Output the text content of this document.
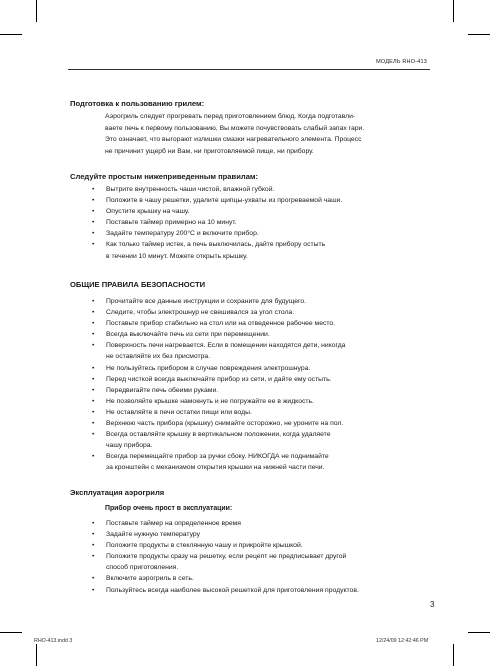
МОДЕЛЬ RHO-413
Подготовка к пользованию грилем:
Аэрогриль следует прогревать перед приготовлением блюд. Когда подготавли-
ваете печь к первому пользованию, Вы можете почувствовать слабый запах гари.
Это означает, что выгорают излишки смазки нагревательного элемента. Процесс
не причинит ущерб ни Вам, ни приготовляемой пище, ни прибору.
Следуйте простым нижеприведенным правилам:
• Вытрите внутренность чаши чистой, влажной губкой.
• Положите в чашу решетки, удалите щипцы-ухваты из прогреваемой чаши.
• Опустите крышку на чашу.
• Поставьте таймер примерно на 10 минут.
• Задайте температуру 200°С и включите прибор.
• Как только таймер истек, а печь выключилась, дайте прибору остыть
в течении 10 минут. Можете открыть крышку.
ОБЩИЕ ПРАВИЛА БЕЗОПАСНОСТИ
• Прочитайте все данные инструкции и сохраните для будущего.
• Следите, чтобы электрошнур не свешивался за угол стола.
• Поставьте прибор стабильно на стол или на отведенное рабочее место.
• Всегда выключайте печь из сети при перемещении.
• Поверхность печи нагревается. Если в помещении находятся дети, никогда
не оставляйте их без присмотра.
• Не пользуйтесь прибором в случае повреждения электрошнура.
• Перед чисткой всегда выключайте прибор из сети, и дайте ему остыть.
• Передвигайте печь обеими руками.
• Не позволяйте крышке намокнуть и не погружайте ее в жидкость.
• Не оставляйте в печи остатки пищи или воды.
• Верхнюю часть прибора (крышку) снимайте осторожно, не уроните на пол.
• Всегда оставляйте крышку в вертикальном положении, когда удаляете
чашу прибора.
• Всегда перемещайте прибор за ручки сбоку. НИКОГДА не поднимайте
за кронштейн с механизмом открытия крышки на нижней части печи.
Эксплуатация аэрогриля
Прибор очень прост в эксплуатации:
• Поставьте таймер на определенное время
• Задайте нужную температуру
• Положите продукты в стеклянную чашу и прикройте крышкой.
• Положите продукты сразу на решетку, если рецепт не предписывает другой
способ приготовления.
• Включите аэрогриль в сеть.
• Пользуйтесь всегда наиболее высокой решеткой для приготовления продуктов.
3
RHO-413.indd 3	12/24/09 12:42:46 PM
